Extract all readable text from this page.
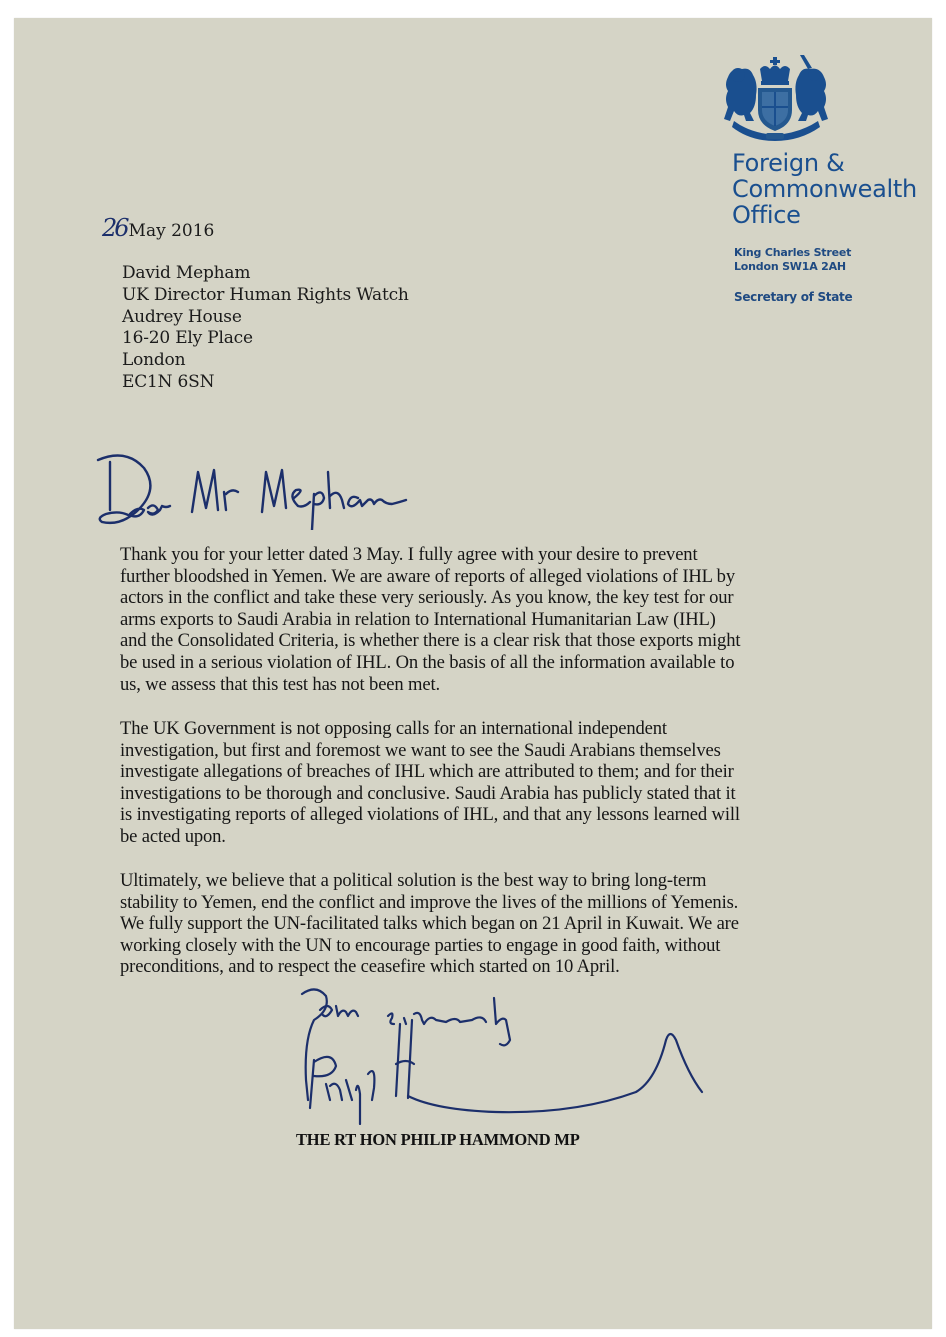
Foreign &
Commonwealth
Office
King Charles Street
London SW1A 2AH
Secretary of State
26 May 2016
David Mepham
UK Director Human Rights Watch
Audrey House
16-20 Ely Place
London
EC1N 6SN
Thank you for your letter dated 3 May. I fully agree with your desire to prevent
further bloodshed in Yemen. We are aware of reports of alleged violations of IHL by
actors in the conflict and take these very seriously. As you know, the key test for our
arms exports to Saudi Arabia in relation to International Humanitarian Law (IHL)
and the Consolidated Criteria, is whether there is a clear risk that those exports might
be used in a serious violation of IHL. On the basis of all the information available to
us, we assess that this test has not been met.
The UK Government is not opposing calls for an international independent
investigation, but first and foremost we want to see the Saudi Arabians themselves
investigate allegations of breaches of IHL which are attributed to them; and for their
investigations to be thorough and conclusive. Saudi Arabia has publicly stated that it
is investigating reports of alleged violations of IHL, and that any lessons learned will
be acted upon.
Ultimately, we believe that a political solution is the best way to bring long-term
stability to Yemen, end the conflict and improve the lives of the millions of Yemenis.
We fully support the UN-facilitated talks which began on 21 April in Kuwait. We are
working closely with the UN to encourage parties to engage in good faith, without
preconditions, and to respect the ceasefire which started on 10 April.
THE RT HON PHILIP HAMMOND MP
